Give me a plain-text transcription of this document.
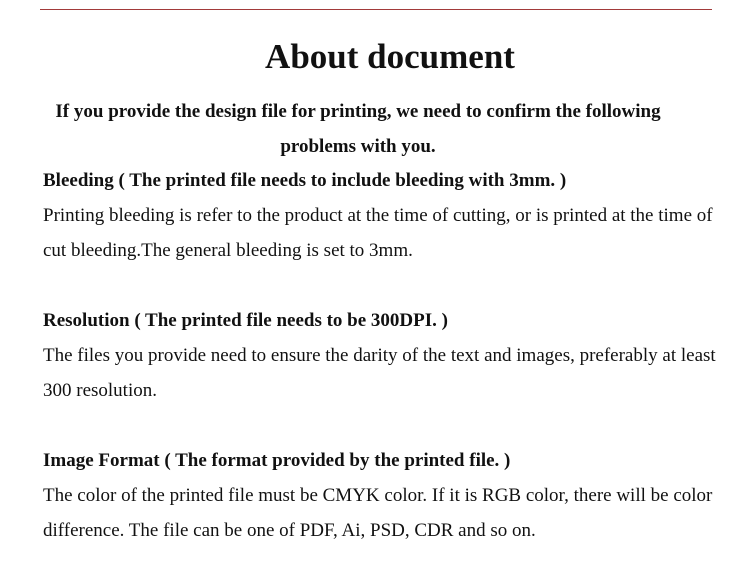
About document

If you provide the design file for printing, we need to confirm the following problems with you.

Bleeding ( The printed file needs to include bleeding with 3mm. )

Printing bleeding is refer to the product at the time of cutting, or is printed at the time of cut bleeding.The general bleeding is set to 3mm.

Resolution ( The printed file needs to be 300DPI. )

The files you provide need to ensure the darity of the text and images, preferably at least 300 resolution.

Image Format ( The format provided by the printed file. )

The color of the printed file must be CMYK color. If it is RGB color, there will be color difference. The file can be one of PDF, Ai, PSD, CDR and so on.
